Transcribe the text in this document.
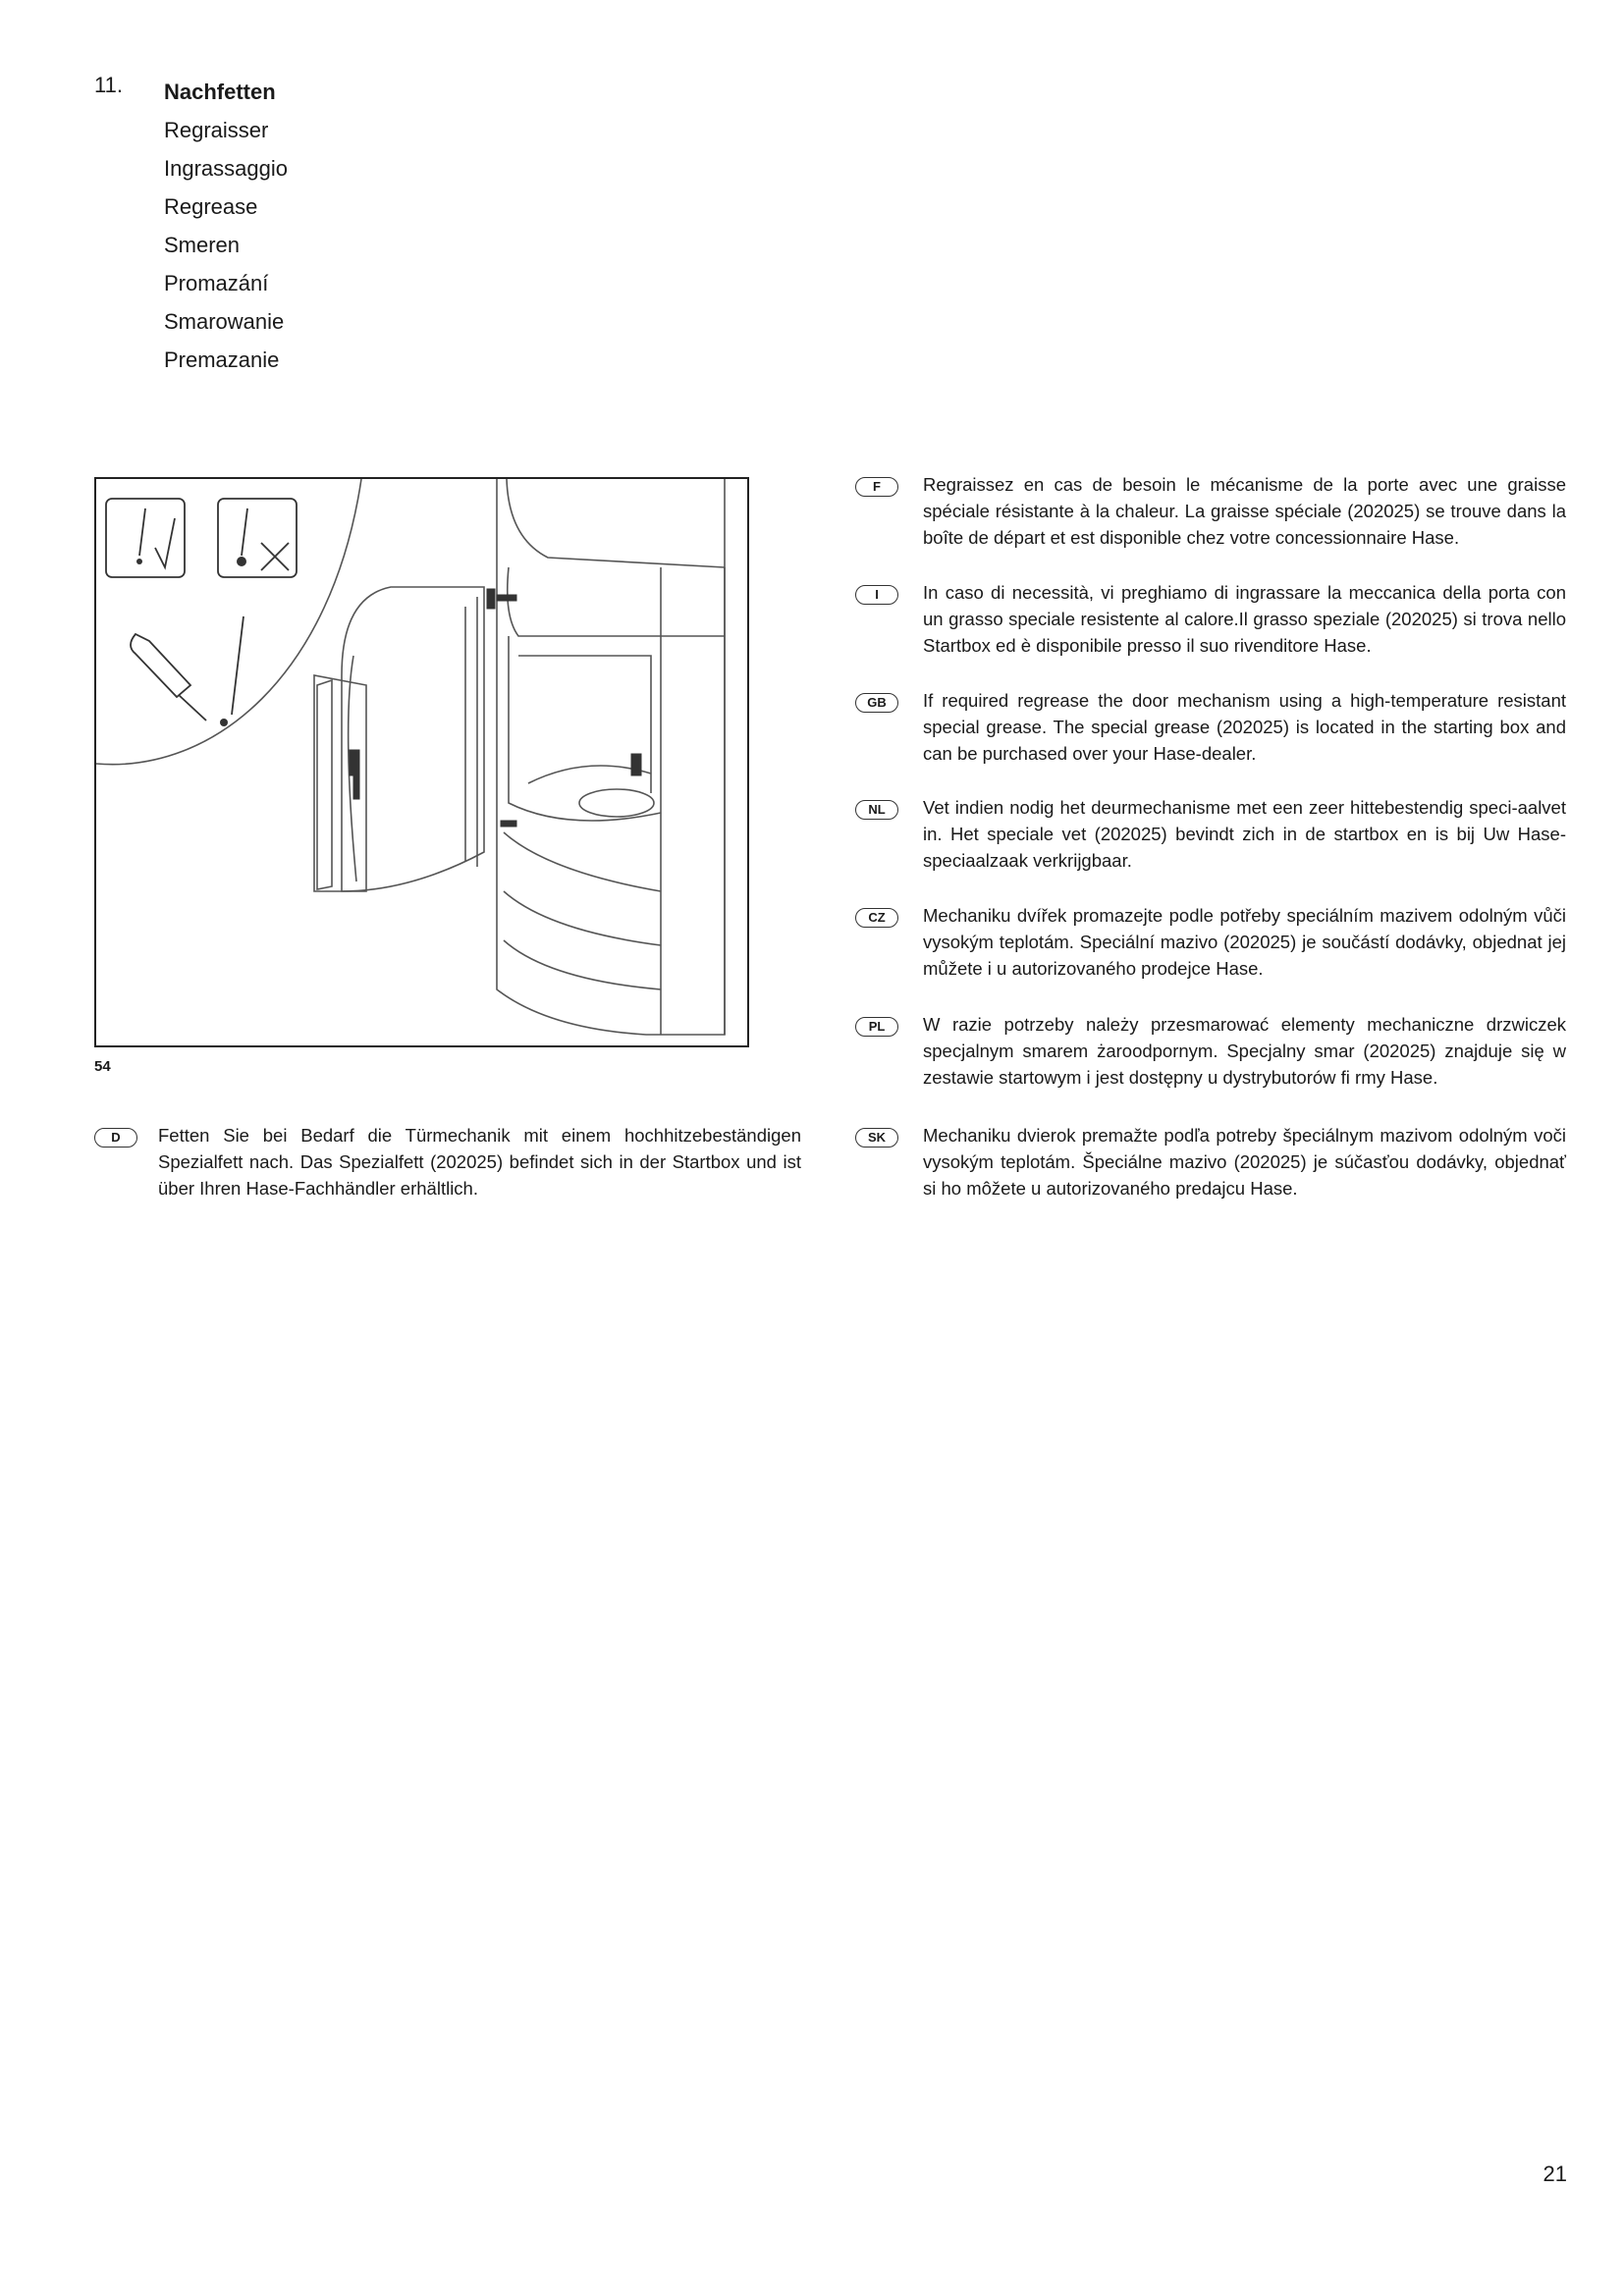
11. Nachfetten
Regraisser
Ingrassaggio
Regrease
Smeren
Promazání
Smarowanie
Premazanie
54
F	Regraissez en cas de besoin le mécanisme de la porte avec une graisse spéciale résistante à la chaleur. La graisse spéciale (202025) se trouve dans la boîte de départ et est disponible chez votre concessionnaire Hase.
I	In caso di necessità, vi preghiamo di ingrassare la meccanica della porta con un grasso speciale resistente al calore.Il grasso speziale (202025) si trova nello Startbox ed è disponibile presso il suo rivenditore Hase.
GB	If required regrease the door mechanism using a high-temperature resistant special grease. The special grease (202025) is located in the starting box and can be purchased over your Hase-dealer.
NL	Vet indien nodig het deurmechanisme met een zeer hittebestendig speci-aalvet in. Het speciale vet (202025) bevindt zich in de startbox en is bij Uw Hase-speciaalzaak verkrijgbaar.
CZ	Mechaniku dvířek promazejte podle potřeby speciálním mazivem odolným vůči vysokým teplotám. Speciální mazivo (202025) je součástí dodávky, objednat jej můžete i u autorizovaného prodejce Hase.
PL	W razie potrzeby należy przesmarować elementy mechaniczne drzwiczek specjalnym smarem żaroodpornym. Specjalny smar (202025) znajduje się w zestawie startowym i jest dostępny u dystrybutorów fi rmy Hase.
SK	Mechaniku dvierok premažte podľa potreby špeciálnym mazivom odolným voči vysokým teplotám. Špeciálne mazivo (202025) je súčasťou dodávky, objednať si ho môžete u autorizovaného predajcu Hase.
D	Fetten Sie bei Bedarf die Türmechanik mit einem hochhitzebeständigen Spezialfett nach. Das Spezialfett (202025) befindet sich in der Startbox und ist über Ihren Hase-Fachhändler erhältlich.
21
